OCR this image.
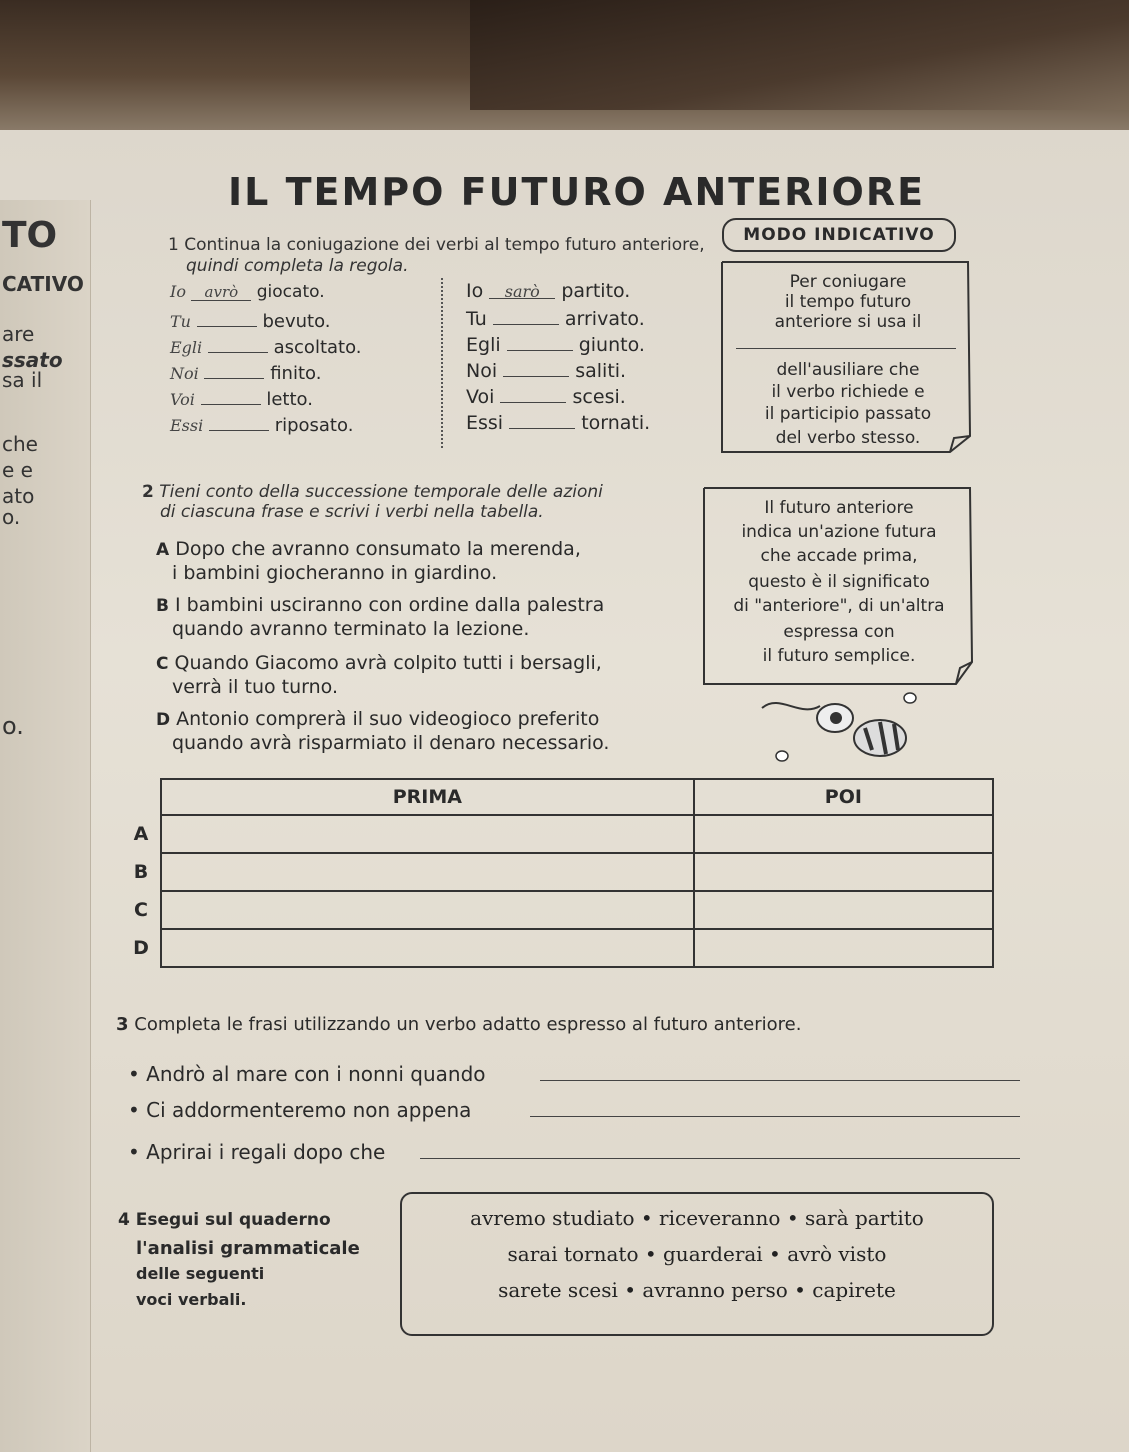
TO
CATIVO
are
ssato
sa il
che
e e
ato
o.
o.
IL TEMPO FUTURO ANTERIORE
MODO INDICATIVO
1 Continua la coniugazione dei verbi al tempo futuro anteriore,
quindi completa la regola.
Io avrò giocato.
Tu	bevuto.
Egli	ascoltato.
Noi	finito.
Voi	letto.
Essi	riposato.
Io sarò partito.
Tu	arrivato.
Egli	giunto.
Noi	saliti.
Voi	scesi.
Essi	tornati.
Per coniugare
il tempo futuro
anteriore si usa il
dell'ausiliare che
il verbo richiede e
il participio passato
del verbo stesso.
2 Tieni conto della successione temporale delle azioni
di ciascuna frase e scrivi i verbi nella tabella.
A Dopo che avranno consumato la merenda,
i bambini giocheranno in giardino.
B I bambini usciranno con ordine dalla palestra
quando avranno terminato la lezione.
C Quando Giacomo avrà colpito tutti i bersagli,
verrà il tuo turno.
D Antonio comprerà il suo videogioco preferito
quando avrà risparmiato il denaro necessario.
Il futuro anteriore
indica un'azione futura
che accade prima,
questo è il significato
di "anteriore", di un'altra
espressa con
il futuro semplice.
	PRIMA	POI
A		
B		
C		
D		
3 Completa le frasi utilizzando un verbo adatto espresso al futuro anteriore.
• Andrò al mare con i nonni quando
• Ci addormenteremo non appena
• Aprirai i regali dopo che
4 Esegui sul quaderno
l'analisi grammaticale
delle seguenti
voci verbali.
avremo studiato • riceveranno • sarà partito
sarai tornato • guarderai • avrò visto
sarete scesi • avranno perso • capirete
